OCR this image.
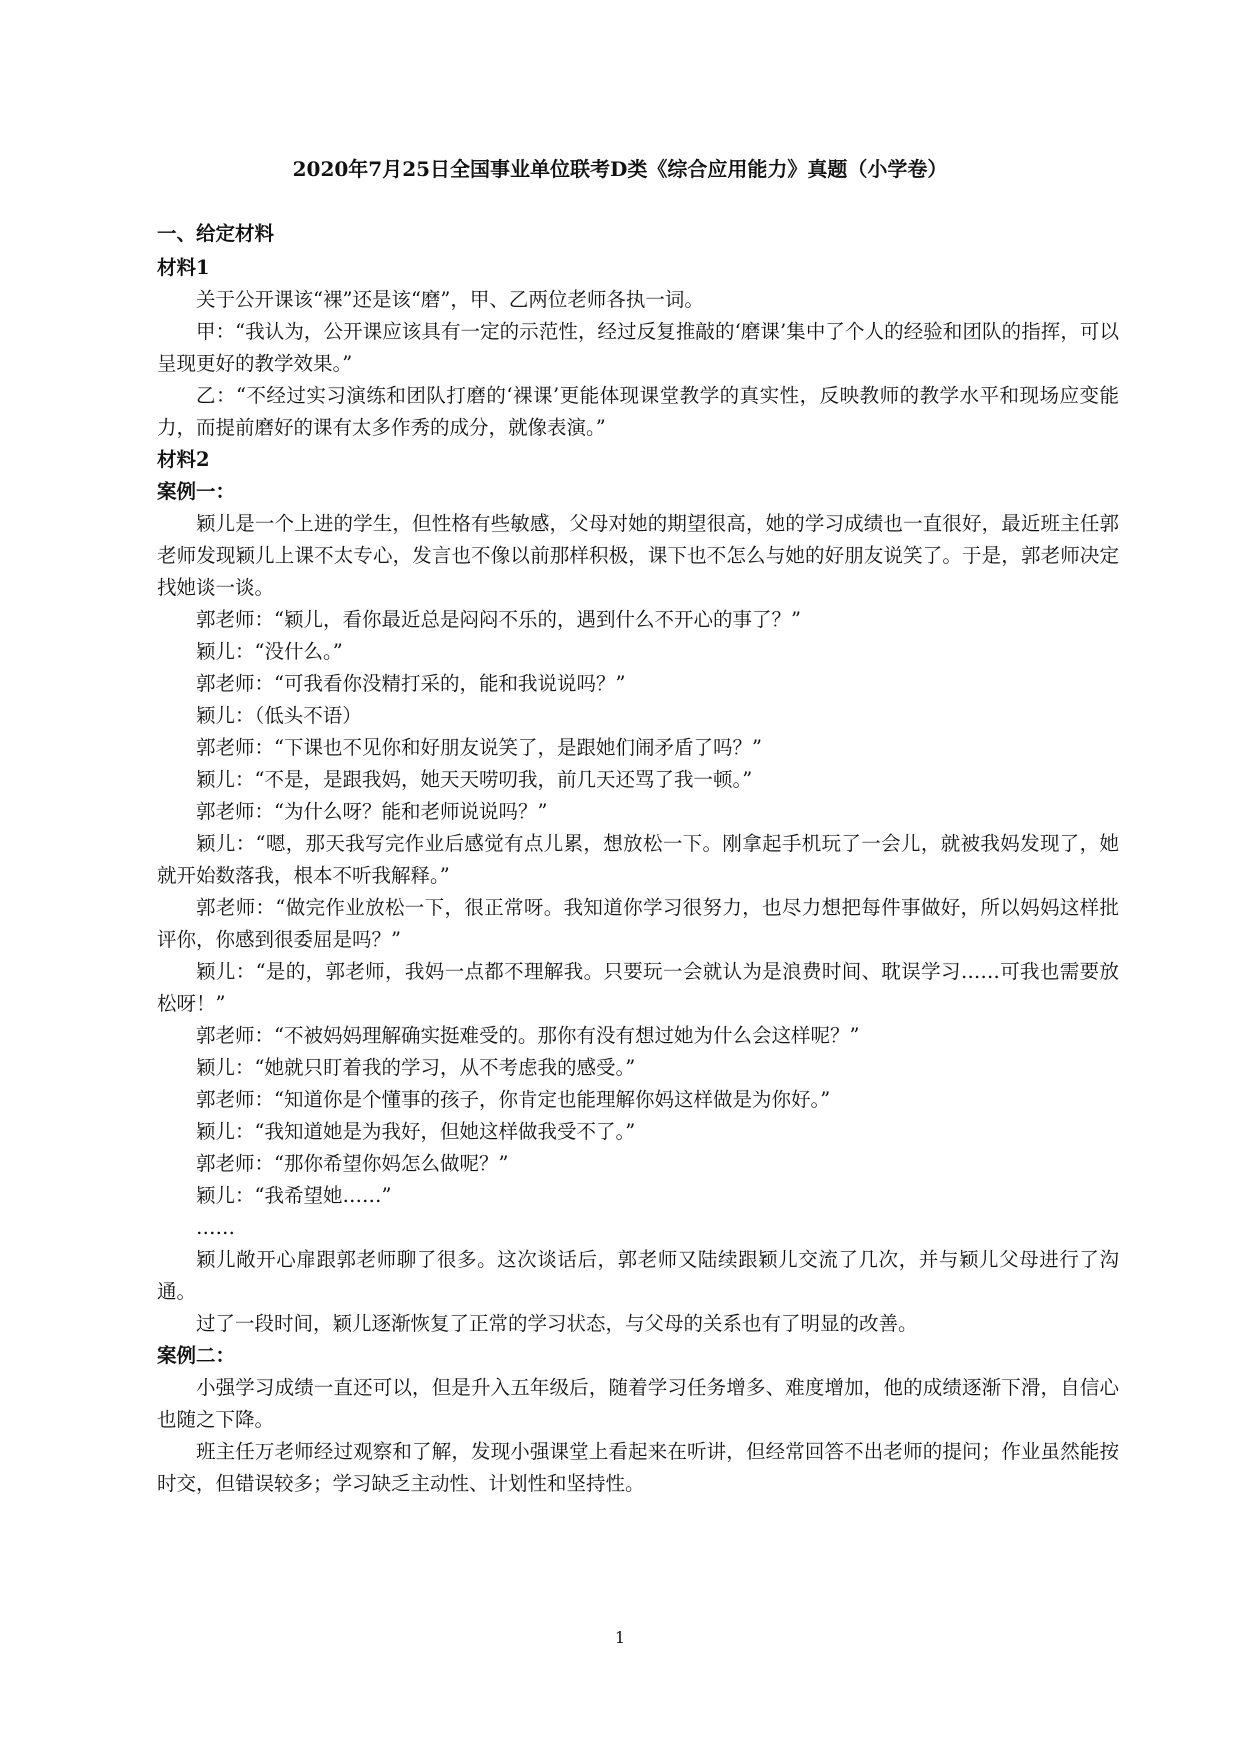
2020年7月25日全国事业单位联考D类《综合应用能力》真题（小学卷）

一、给定材料

材料1

关于公开课该“裸”还是该“磨”，甲、乙两位老师各执一词。

甲：“我认为，公开课应该具有一定的示范性，经过反复推敲的‘磨课’集中了个人的经验和团队的指挥，可以呈现更好的教学效果。”

乙：“不经过实习演练和团队打磨的‘裸课’更能体现课堂教学的真实性，反映教师的教学水平和现场应变能力，而提前磨好的课有太多作秀的成分，就像表演。”

材料2

案例一：

颖儿是一个上进的学生，但性格有些敏感，父母对她的期望很高，她的学习成绩也一直很好，最近班主任郭老师发现颖儿上课不太专心，发言也不像以前那样积极，课下也不怎么与她的好朋友说笑了。于是，郭老师决定找她谈一谈。

郭老师：“颖儿，看你最近总是闷闷不乐的，遇到什么不开心的事了？”

颖儿：“没什么。”

郭老师：“可我看你没精打采的，能和我说说吗？”

颖儿：（低头不语）

郭老师：“下课也不见你和好朋友说笑了，是跟她们闹矛盾了吗？”

颖儿：“不是，是跟我妈，她天天唠叨我，前几天还骂了我一顿。”

郭老师：“为什么呀？能和老师说说吗？”

颖儿：“嗯，那天我写完作业后感觉有点儿累，想放松一下。刚拿起手机玩了一会儿，就被我妈发现了，她就开始数落我，根本不听我解释。”

郭老师：“做完作业放松一下，很正常呀。我知道你学习很努力，也尽力想把每件事做好，所以妈妈这样批评你，你感到很委屈是吗？”

颖儿：“是的，郭老师，我妈一点都不理解我。只要玩一会就认为是浪费时间、耽误学习……可我也需要放松呀！”

郭老师：“不被妈妈理解确实挺难受的。那你有没有想过她为什么会这样呢？”

颖儿：“她就只盯着我的学习，从不考虑我的感受。”

郭老师：“知道你是个懂事的孩子，你肯定也能理解你妈这样做是为你好。”

颖儿：“我知道她是为我好，但她这样做我受不了。”

郭老师：“那你希望你妈怎么做呢？”

颖儿：“我希望她……”

……

颖儿敞开心扉跟郭老师聊了很多。这次谈话后，郭老师又陆续跟颖儿交流了几次，并与颖儿父母进行了沟通。

过了一段时间，颖儿逐渐恢复了正常的学习状态，与父母的关系也有了明显的改善。

案例二：

小强学习成绩一直还可以，但是升入五年级后，随着学习任务增多、难度增加，他的成绩逐渐下滑，自信心也随之下降。

班主任万老师经过观察和了解，发现小强课堂上看起来在听讲，但经常回答不出老师的提问；作业虽然能按时交，但错误较多；学习缺乏主动性、计划性和坚持性。

1
